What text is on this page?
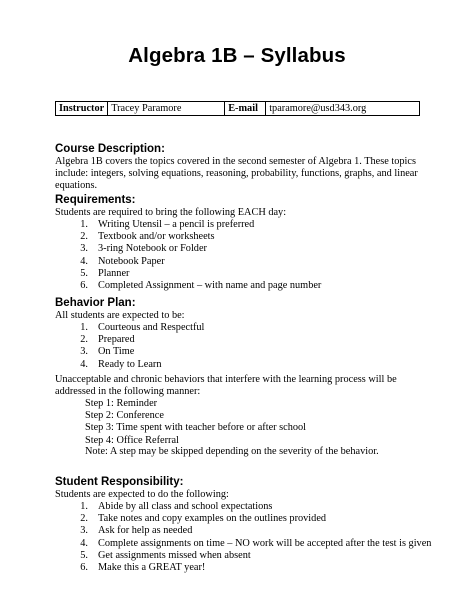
Algebra 1B – Syllabus
Instructor	Tracey Paramore	E-mail	tparamore@usd343.org
Course Description:
Algebra 1B covers the topics covered in the second semester of Algebra 1. These topics include: integers, solving equations, reasoning, probability, functions, graphs, and linear equations.
Requirements:
Students are required to bring the following EACH day:
1. Writing Utensil – a pencil is preferred
2. Textbook and/or worksheets
3. 3-ring Notebook or Folder
4. Notebook Paper
5. Planner
6. Completed Assignment – with name and page number
Behavior Plan:
All students are expected to be:
1. Courteous and Respectful
2. Prepared
3. On Time
4. Ready to Learn
Unacceptable and chronic behaviors that interfere with the learning process will be addressed in the following manner:
Step 1: Reminder
Step 2: Conference
Step 3: Time spent with teacher before or after school
Step 4: Office Referral
Note: A step may be skipped depending on the severity of the behavior.
Student Responsibility:
Students are expected to do the following:
1. Abide by all class and school expectations
2. Take notes and copy examples on the outlines provided
3. Ask for help as needed
4. Complete assignments on time – NO work will be accepted after the test is given
5. Get assignments missed when absent
6. Make this a GREAT year!
